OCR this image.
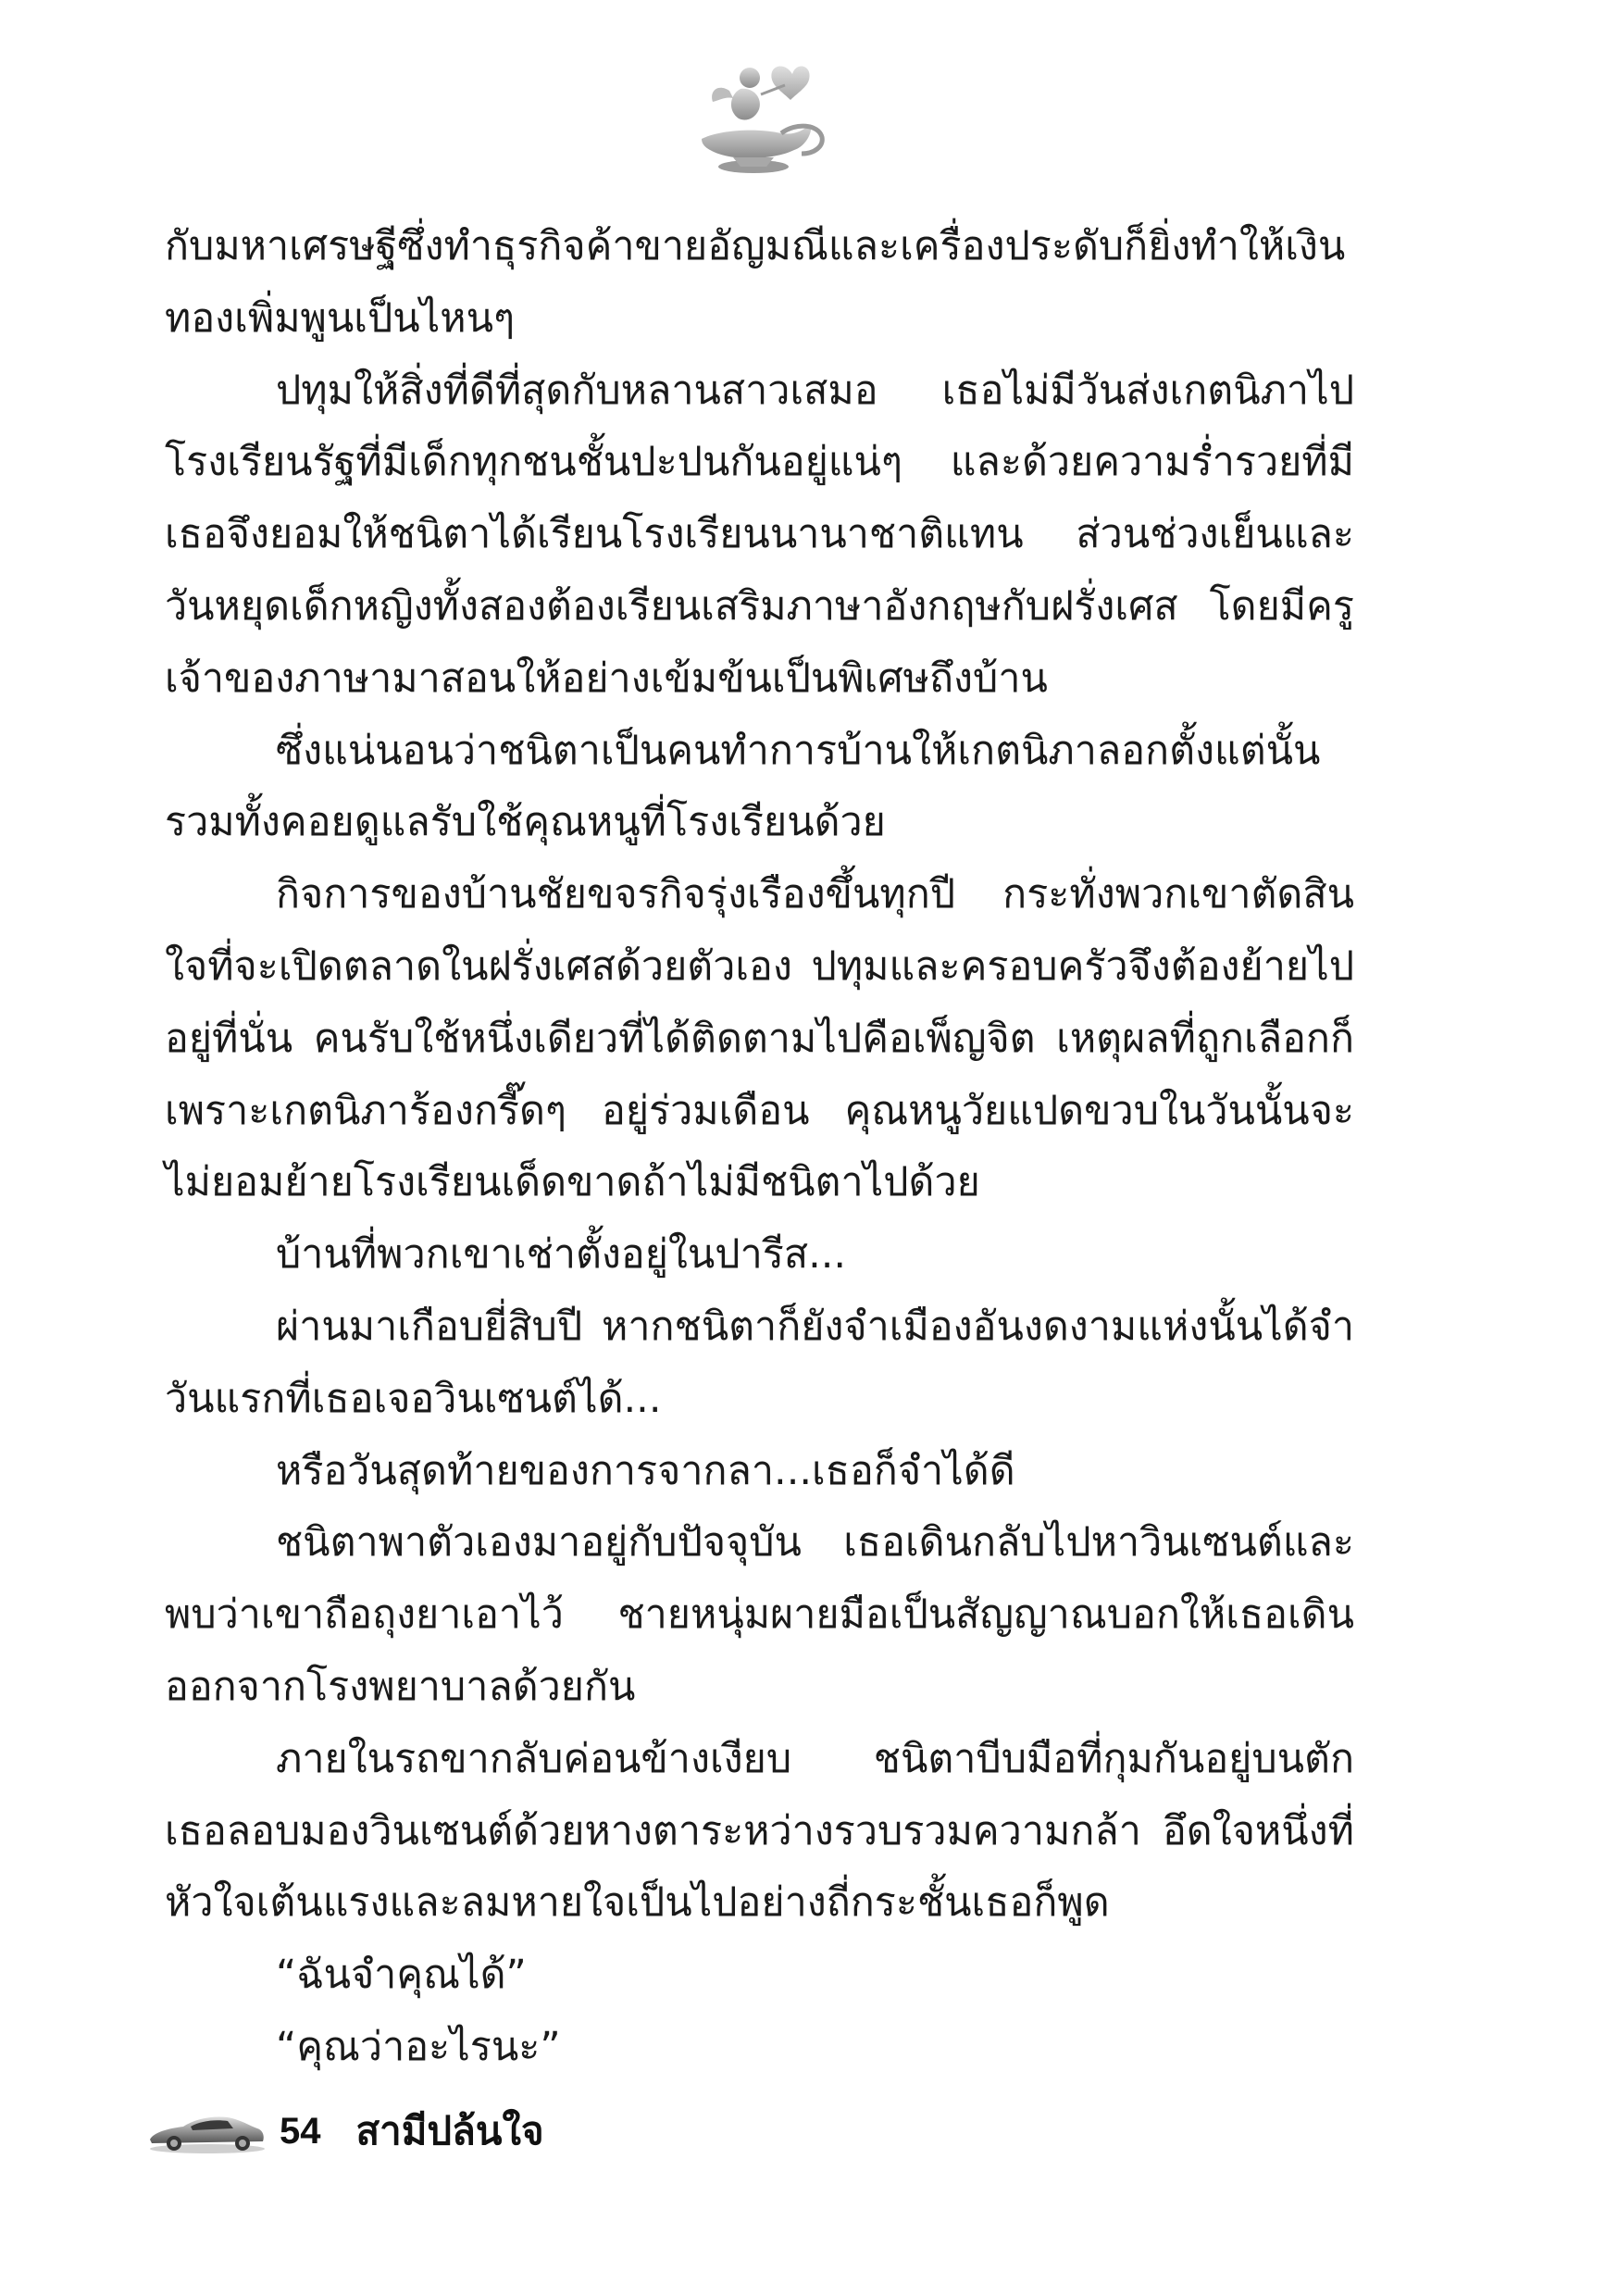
กับมหาเศรษฐีซึ่งทำธุรกิจค้าขายอัญมณีและเครื่องประดับก็ยิ่งทำให้เงินทองเพิ่มพูนเป็นไหนๆ

ปทุมให้สิ่งที่ดีที่สุดกับหลานสาวเสมอ เธอไม่มีวันส่งเกตนิภาไปโรงเรียนรัฐที่มีเด็กทุกชนชั้นปะปนกันอยู่แน่ๆ และด้วยความร่ำรวยที่มีเธอจึงยอมให้ชนิตาได้เรียนโรงเรียนนานาชาติแทน ส่วนช่วงเย็นและวันหยุดเด็กหญิงทั้งสองต้องเรียนเสริมภาษาอังกฤษกับฝรั่งเศส โดยมีครูเจ้าของภาษามาสอนให้อย่างเข้มข้นเป็นพิเศษถึงบ้าน

ซึ่งแน่นอนว่าชนิตาเป็นคนทำการบ้านให้เกตนิภาลอกตั้งแต่นั้นรวมทั้งคอยดูแลรับใช้คุณหนูที่โรงเรียนด้วย

กิจการของบ้านชัยขจรกิจรุ่งเรืองขึ้นทุกปี กระทั่งพวกเขาตัดสินใจที่จะเปิดตลาดในฝรั่งเศสด้วยตัวเอง ปทุมและครอบครัวจึงต้องย้ายไปอยู่ที่นั่น คนรับใช้หนึ่งเดียวที่ได้ติดตามไปคือเพ็ญจิต เหตุผลที่ถูกเลือกก็เพราะเกตนิภาร้องกรี๊ดๆ อยู่ร่วมเดือน คุณหนูวัยแปดขวบในวันนั้นจะไม่ยอมย้ายโรงเรียนเด็ดขาดถ้าไม่มีชนิตาไปด้วย

บ้านที่พวกเขาเช่าตั้งอยู่ในปารีส...

ผ่านมาเกือบยี่สิบปี หากชนิตาก็ยังจำเมืองอันงดงามแห่งนั้นได้จำวันแรกที่เธอเจอวินเซนต์ได้...

หรือวันสุดท้ายของการจากลา...เธอก็จำได้ดี

ชนิตาพาตัวเองมาอยู่กับปัจจุบัน เธอเดินกลับไปหาวินเซนต์และพบว่าเขาถือถุงยาเอาไว้ ชายหนุ่มผายมือเป็นสัญญาณบอกให้เธอเดินออกจากโรงพยาบาลด้วยกัน

ภายในรถขากลับค่อนข้างเงียบ ชนิตาบีบมือที่กุมกันอยู่บนตัก เธอลอบมองวินเซนต์ด้วยหางตาระหว่างรวบรวมความกล้า อึดใจหนึ่งที่หัวใจเต้นแรงและลมหายใจเป็นไปอย่างถี่กระชั้นเธอก็พูด

“ฉันจำคุณได้”

“คุณว่าอะไรนะ”

54 สามีปล้นใจ
